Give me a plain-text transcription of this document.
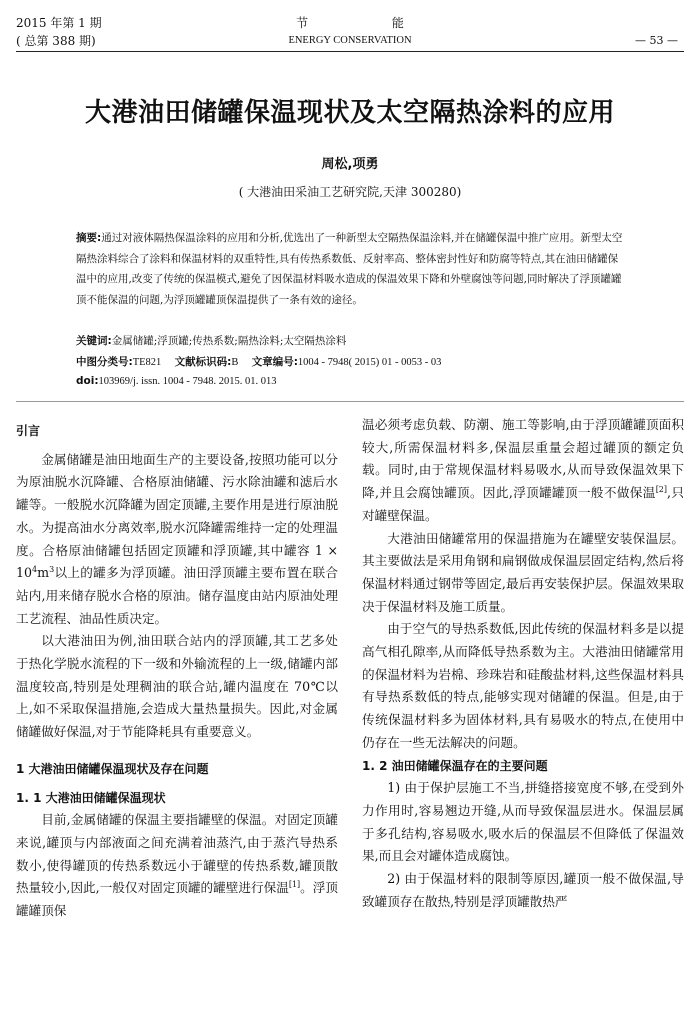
2015 年第 1 期
( 总第 388 期)
节 能
ENERGY CONSERVATION	— 53 —
大港油田储罐保温现状及太空隔热涂料的应用
周松,项勇
( 大港油田采油工艺研究院,天津 300280)
摘要:通过对液体隔热保温涂料的应用和分析,优选出了一种新型太空隔热保温涂料,并在储罐保温中推广应用。新型太空隔热涂料综合了涂料和保温材料的双重特性,具有传热系数低、反射率高、整体密封性好和防腐等特点,其在油田储罐保温中的应用,改变了传统的保温模式,避免了因保温材料吸水造成的保温效果下降和外壁腐蚀等问题,同时解决了浮顶罐罐顶不能保温的问题,为浮顶罐罐顶保温提供了一条有效的途径。
关键词:金属储罐;浮顶罐;传热系数;隔热涂料;太空隔热涂料
中图分类号:TE821 文献标识码:B 文章编号:1004 - 7948( 2015) 01 - 0053 - 03
doi:103969/j. issn. 1004 - 7948. 2015. 01. 013
引言

金属储罐是油田地面生产的主要设备,按照功能可以分为原油脱水沉降罐、合格原油储罐、污水除油罐和滤后水罐等。一般脱水沉降罐为固定顶罐,主要作用是进行原油脱水。为提高油水分离效率,脱水沉降罐需维持一定的处理温度。合格原油储罐包括固定顶罐和浮顶罐,其中罐容 $1 \times 10^4m^3$以上的罐多为浮顶罐。油田浮顶罐主要布置在联合站内,用来储存脱水合格的原油。储存温度由站内原油处理工艺流程、油品性质决定。

以大港油田为例,油田联合站内的浮顶罐,其工艺多处于热化学脱水流程的下一级和外输流程的上一级,储罐内部温度较高,特别是处理稠油的联合站,罐内温度在 70℃以上,如不采取保温措施,会造成大量热量损失。因此,对金属储罐做好保温,对于节能降耗具有重要意义。

1 大港油田储罐保温现状及存在问题
1. 1 大港油田储罐保温现状

目前,金属储罐的保温主要指罐壁的保温。对固定顶罐来说,罐顶与内部液面之间充满着油蒸汽,由于蒸汽导热系数小,使得罐顶的传热系数远小于罐壁的传热系数,罐顶散热量较小,因此,一般仅对固定顶罐的罐壁进行保温[1]。浮顶罐罐顶保

温必须考虑负载、防潮、施工等影响,由于浮顶罐罐顶面积较大,所需保温材料多,保温层重量会超过罐顶的额定负载。同时,由于常规保温材料易吸水,从而导致保温效果下降,并且会腐蚀罐顶。因此,浮顶罐罐顶一般不做保温[2],只对罐壁保温。

大港油田储罐常用的保温措施为在罐壁安装保温层。其主要做法是采用角钢和扁钢做成保温层固定结构,然后将保温材料通过钢带等固定,最后再安装保护层。保温效果取决于保温材料及施工质量。

由于空气的导热系数低,因此传统的保温材料多是以提高气相孔隙率,从而降低导热系数为主。大港油田储罐常用的保温材料为岩棉、珍珠岩和硅酸盐材料,这些保温材料具有导热系数低的特点,能够实现对储罐的保温。但是,由于传统保温材料多为固体材料,具有易吸水的特点,在使用中仍存在一些无法解决的问题。

1. 2 油田储罐保温存在的主要问题

1) 由于保护层施工不当,拼缝搭接宽度不够,在受到外力作用时,容易翘边开缝,从而导致保温层进水。保温层属于多孔结构,容易吸水,吸水后的保温层不但降低了保温效果,而且会对罐体造成腐蚀。

2) 由于保温材料的限制等原因,罐顶一般不做保温,导致罐顶存在散热,特别是浮顶罐散热严
